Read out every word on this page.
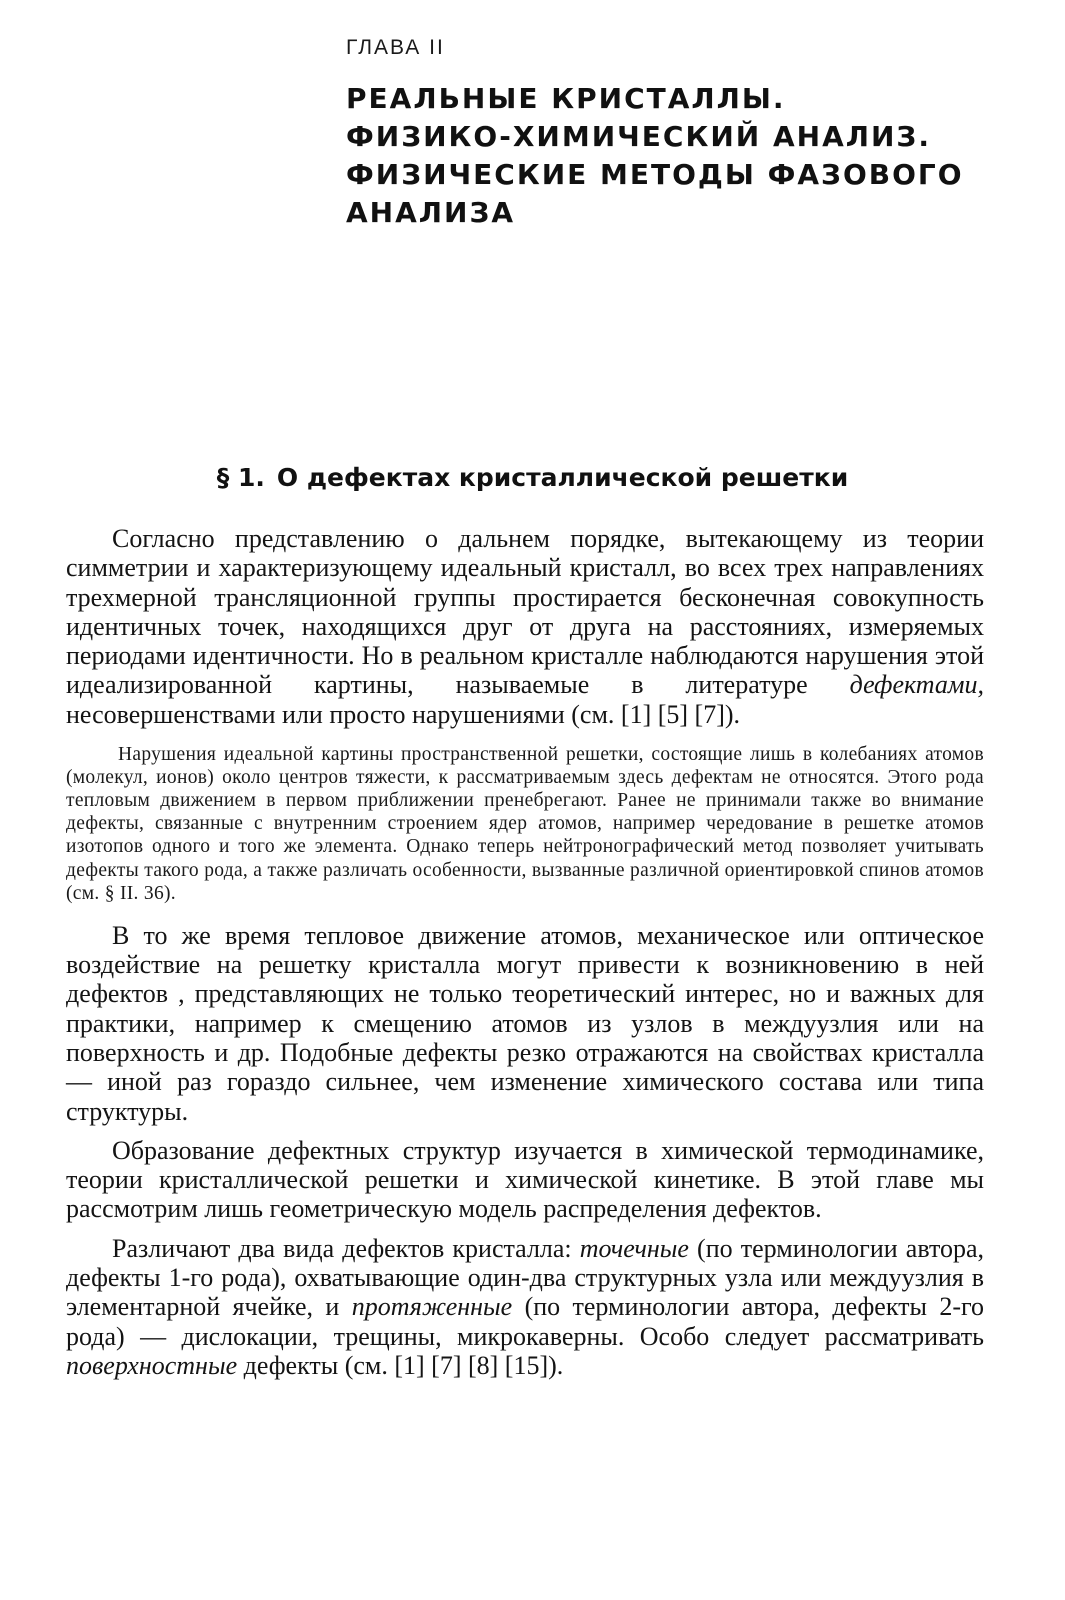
ГЛАВА II
РЕАЛЬНЫЕ КРИСТАЛЛЫ.
ФИЗИКО-ХИМИЧЕСКИЙ АНАЛИЗ.
ФИЗИЧЕСКИЕ МЕТОДЫ ФАЗОВОГО
АНАЛИЗА
§ 1. О дефектах кристаллической решетки

Согласно представлению о дальнем порядке, вытекающему из теории симметрии и характеризующему идеальный кристалл, во всех трех направлениях трехмерной трансляционной группы простирается бесконечная совокупность идентичных точек, находящихся друг от друга на расстояниях, измеряемых периодами идентичности. Но в реальном кристалле наблюдаются нарушения этой идеализированной картины, называемые в литературе дефектами, несовершенствами или просто нарушениями (см. [1] [5] [7]).

Нарушения идеальной картины пространственной решетки, состоящие лишь в колебаниях атомов (молекул, ионов) около центров тяжести, к рассматриваемым здесь дефектам не относятся. Этого рода тепловым движением в первом приближении пренебрегают. Ранее не принимали также во внимание дефекты, связанные с внутренним строением ядер атомов, например чередование в решетке атомов изотопов одного и того же элемента. Однако теперь нейтронографический метод позволяет учитывать дефекты такого рода, а также различать особенности, вызванные различной ориентировкой спинов атомов (см. § II. 36).

В то же время тепловое движение атомов, механическое или оптическое воздействие на решетку кристалла могут привести к возникновению в ней дефектов , представляющих не только теоретический интерес, но и важных для практики, например к смещению атомов из узлов в междуузлия или на поверхность и др. Подобные дефекты резко отражаются на свойствах кристалла — иной раз гораздо сильнее, чем изменение химического состава или типа структуры.

Образование дефектных структур изучается в химической термодинамике, теории кристаллической решетки и химической кинетике. В этой главе мы рассмотрим лишь геометрическую модель распределения дефектов.

Различают два вида дефектов кристалла: точечные (по терминологии автора, дефекты 1-го рода), охватывающие один-два структурных узла или междуузлия в элементарной ячейке, и протяженные (по терминологии автора, дефекты 2-го рода) — дислокации, трещины, микрокаверны. Особо следует рассматривать поверхностные дефекты (см. [1] [7] [8] [15]).
